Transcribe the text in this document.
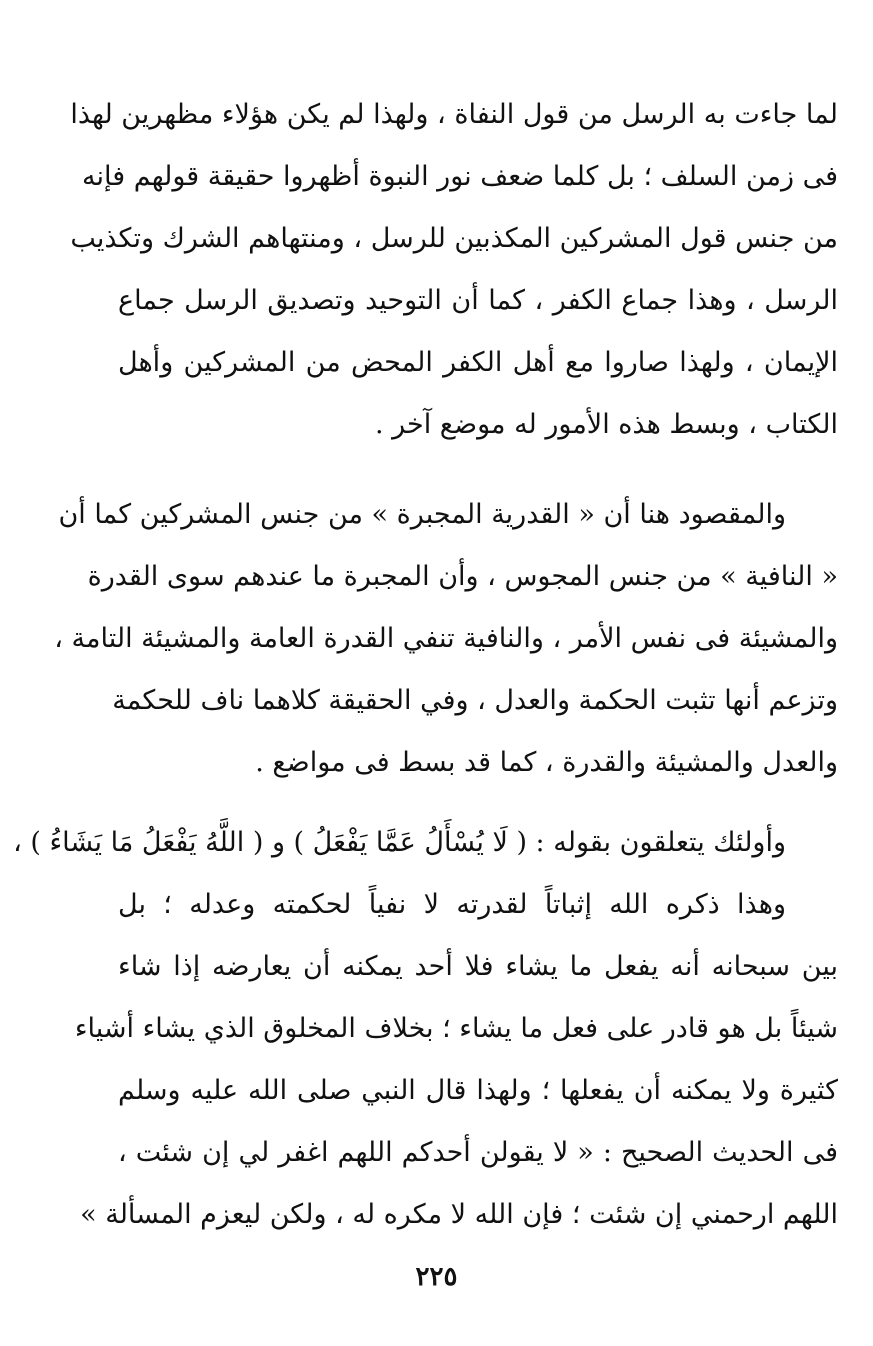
لما جاءت به الرسل من قول النفاة ، ولهذا لم يكن هؤلاء مظهرين لهذا
فى زمن السلف ؛ بل كلما ضعف نور النبوة أظهروا حقيقة قولهم فإنه
من جنس قول المشركين المكذبين للرسل ، ومنتهاهم الشرك وتكذيب
الرسل ، وهذا جماع الكفر ، كما أن التوحيد وتصديق الرسل جماع
الإيمان ، ولهذا صاروا مع أهل الكفر المحض من المشركين وأهل
الكتاب ، وبسط هذه الأمور له موضع آخر .
والمقصود هنا أن « القدرية المجبرة » من جنس المشركين كما أن
« النافية » من جنس المجوس ، وأن المجبرة ما عندهم سوى القدرة
والمشيئة فى نفس الأمر ، والنافية تنفي القدرة العامة والمشيئة التامة ،
وتزعم أنها تثبت الحكمة والعدل ، وفي الحقيقة كلاهما ناف للحكمة
والعدل والمشيئة والقدرة ، كما قد بسط فى مواضع .
وأولئك يتعلقون بقوله : ( لَا يُسْأَلُ عَمَّا يَفْعَلُ ) و ( اللَّهُ يَفْعَلُ مَا يَشَاءُ ) ،
وهذا ذكره الله إثباتاً لقدرته لا نفياً لحكمته وعدله ؛ بل
بين سبحانه أنه يفعل ما يشاء فلا أحد يمكنه أن يعارضه إذا شاء
شيئاً بل هو قادر على فعل ما يشاء ؛ بخلاف المخلوق الذي يشاء أشياء
كثيرة ولا يمكنه أن يفعلها ؛ ولهذا قال النبي صلى الله عليه وسلم
فى الحديث الصحيح : « لا يقولن أحدكم اللهم اغفر لي إن شئت ،
اللهم ارحمني إن شئت ؛ فإن الله لا مكره له ، ولكن ليعزم المسألة »
٢٢٥
